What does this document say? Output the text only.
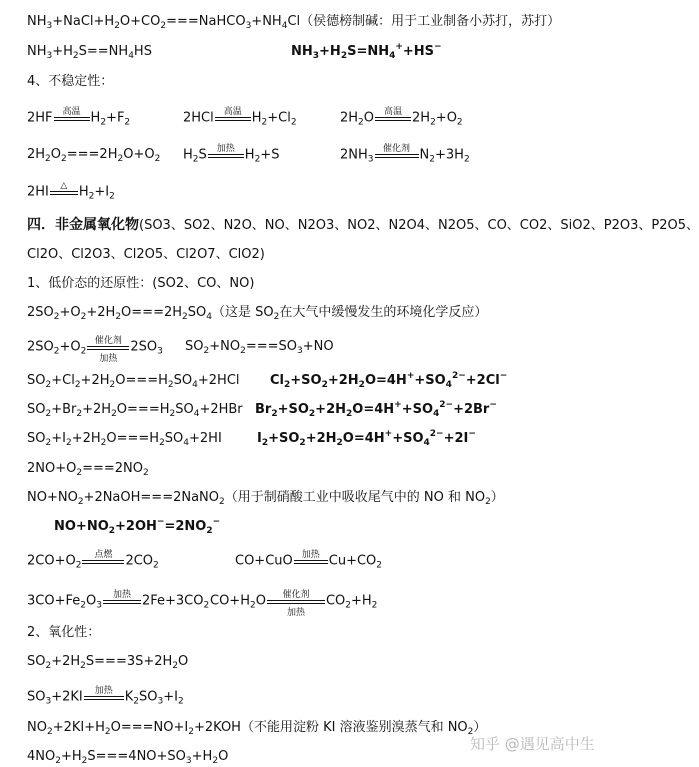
$NH_3+NaCl+H_2O+CO_2===NaHCO_3+NH_4Cl$（侯德榜制碱：用于工业制备小苏打，苏打）
$NH_3+H_2S==NH_4HS$	$NH_3+H_2S=NH_4^++HS^-$
4、不稳定性：
2HF	高温 $H_2+F_2$	2HCl	高温 $H_2+Cl_2$	$2H_2O$	高温 $2H_2+O_2$
$2H_2O_2===2H_2O+O_2$ $H_2S$	加热 $H_2+S$	$2NH_3$
催化剂 $N_2+3H_2$
2HI	△ $H_2+I_2$
四．非金属氧化物(SO3、SO2、N2O、NO、N2O3、NO2、N2O4、N2O5、CO、CO2、SiO2、P2O3、P2O5、
Cl2O、Cl2O3、Cl2O5、Cl2O7、ClO2)
1、低价态的还原性：(SO2、CO、NO)
$2SO_2+O_2+2H_2O===2H_2SO_4$（这是 $SO_2$在大气中缓慢发生的环境化学反应）
$2SO_2+O_2$
催化剂
加热
$2SO_3$ $SO_2+NO_2===SO_3+NO$
$SO_2+Cl_2+2H_2O===H_2SO_4+2HCl$ $Cl_2+SO_2+2H_2O=4H^++SO_4^{2-}+2Cl^-$
$SO_2+Br_2+2H_2O===H_2SO_4+2HBr$ $Br_2+SO_2+2H_2O=4H^++SO_4^{2-}+2Br^-$
$SO_2+I_2+2H_2O===H_2SO_4+2HI$	$I_2+SO_2+2H_2O=4H^++SO_4^{2-}+2I^-$
$2NO+O_2===2NO_2$
$NO+NO_2+2NaOH===2NaNO_2$（用于制硝酸工业中吸收尾气中的 NO 和 $NO_2$）
$NO+NO_2+2OH^-=2NO_2^-$
$2CO+O_2$
点燃	$2CO_2$	CO+CuO 加热 $Cu+CO_2$
$3CO+Fe_2O_3$
加热 $2Fe+3CO_2$ $CO+H_2O$	催化剂
加热
$CO_2+H_2$
2、氧化性：
$SO_2+2H_2S===3S+2H_2O$
$SO_3+2KI$	加热 $K_2SO_3+I_2$
$NO_2+2KI+H_2O===NO+I_2+2KOH$（不能用淀粉 KI 溶液鉴别溴蒸气和 $NO_2$）
$4NO_2+H_2S===4NO+SO_3+H_2O$
知乎 @遇见高中生
